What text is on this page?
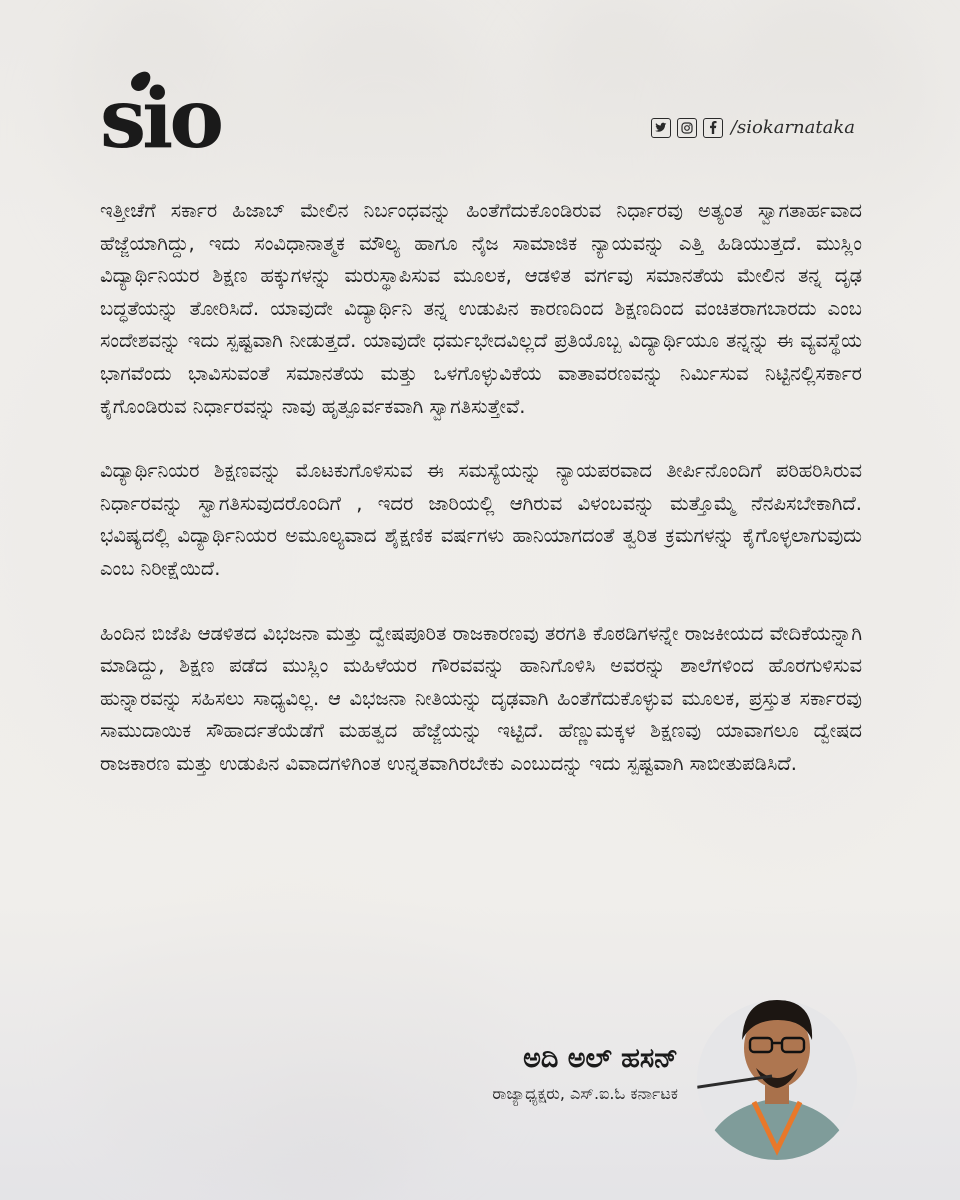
sio	/siokarnataka

ಇತ್ತೀಚೆಗೆ ಸರ್ಕಾರ ಹಿಜಾಬ್ ಮೇಲಿನ ನಿರ್ಬಂಧವನ್ನು ಹಿಂತೆಗೆದುಕೊಂಡಿರುವ ನಿರ್ಧಾರವು ಅತ್ಯಂತ ಸ್ವಾಗತಾರ್ಹವಾದ ಹೆಜ್ಜೆಯಾಗಿದ್ದು, ಇದು ಸಂವಿಧಾನಾತ್ಮಕ ಮೌಲ್ಯ ಹಾಗೂ ನೈಜ ಸಾಮಾಜಿಕ ನ್ಯಾಯವನ್ನು ಎತ್ತಿ ಹಿಡಿಯುತ್ತದೆ. ಮುಸ್ಲಿಂ ವಿದ್ಯಾರ್ಥಿನಿಯರ ಶಿಕ್ಷಣ ಹಕ್ಕುಗಳನ್ನು ಮರುಸ್ಥಾಪಿಸುವ ಮೂಲಕ, ಆಡಳಿತ ವರ್ಗವು ಸಮಾನತೆಯ ಮೇಲಿನ ತನ್ನ ದೃಢ ಬದ್ಧತೆಯನ್ನು ತೋರಿಸಿದೆ. ಯಾವುದೇ ವಿದ್ಯಾರ್ಥಿನಿ ತನ್ನ ಉಡುಪಿನ ಕಾರಣದಿಂದ ಶಿಕ್ಷಣದಿಂದ ವಂಚಿತರಾಗಬಾರದು ಎಂಬ ಸಂದೇಶವನ್ನು ಇದು ಸ್ಪಷ್ಟವಾಗಿ ನೀಡುತ್ತದೆ. ಯಾವುದೇ ಧರ್ಮಭೇದವಿಲ್ಲದೆ ಪ್ರತಿಯೊಬ್ಬ ವಿದ್ಯಾರ್ಥಿಯೂ ತನ್ನನ್ನು ಈ ವ್ಯವಸ್ಥೆಯ ಭಾಗವೆಂದು ಭಾವಿಸುವಂತೆ ಸಮಾನತೆಯ ಮತ್ತು ಒಳಗೊಳ್ಳುವಿಕೆಯ ವಾತಾವರಣವನ್ನು ನಿರ್ಮಿಸುವ ನಿಟ್ಟಿನಲ್ಲಿಸರ್ಕಾರ ಕೈಗೊಂಡಿರುವ ನಿರ್ಧಾರವನ್ನು ನಾವು ಹೃತ್ಪೂರ್ವಕವಾಗಿ ಸ್ವಾಗತಿಸುತ್ತೇವೆ.

ವಿದ್ಯಾರ್ಥಿನಿಯರ ಶಿಕ್ಷಣವನ್ನು ಮೊಟಕುಗೊಳಿಸುವ ಈ ಸಮಸ್ಯೆಯನ್ನು ನ್ಯಾಯಪರವಾದ ತೀರ್ಪಿನೊಂದಿಗೆ ಪರಿಹರಿಸಿರುವ ನಿರ್ಧಾರವನ್ನು ಸ್ವಾಗತಿಸುವುದರೊಂದಿಗೆ , ಇದರ ಜಾರಿಯಲ್ಲಿ ಆಗಿರುವ ವಿಳಂಬವನ್ನು ಮತ್ತೊಮ್ಮೆ ನೆನಪಿಸಬೇಕಾಗಿದೆ. ಭವಿಷ್ಯದಲ್ಲಿ ವಿದ್ಯಾರ್ಥಿನಿಯರ ಅಮೂಲ್ಯವಾದ ಶೈಕ್ಷಣಿಕ ವರ್ಷಗಳು ಹಾನಿಯಾಗದಂತೆ ತ್ವರಿತ ಕ್ರಮಗಳನ್ನು ಕೈಗೊಳ್ಳಲಾಗುವುದು ಎಂಬ ನಿರೀಕ್ಷೆಯಿದೆ.

ಹಿಂದಿನ ಬಿಜೆಪಿ ಆಡಳಿತದ ವಿಭಜನಾ ಮತ್ತು ದ್ವೇಷಪೂರಿತ ರಾಜಕಾರಣವು ತರಗತಿ ಕೊಠಡಿಗಳನ್ನೇ ರಾಜಕೀಯದ ವೇದಿಕೆಯನ್ನಾಗಿ ಮಾಡಿದ್ದು, ಶಿಕ್ಷಣ ಪಡೆದ ಮುಸ್ಲಿಂ ಮಹಿಳೆಯರ ಗೌರವವನ್ನು ಹಾನಿಗೊಳಿಸಿ ಅವರನ್ನು ಶಾಲೆಗಳಿಂದ ಹೊರಗುಳಿಸುವ ಹುನ್ನಾರವನ್ನು ಸಹಿಸಲು ಸಾಧ್ಯವಿಲ್ಲ. ಆ ವಿಭಜನಾ ನೀತಿಯನ್ನು ದೃಢವಾಗಿ ಹಿಂತೆಗೆದುಕೊಳ್ಳುವ ಮೂಲಕ, ಪ್ರಸ್ತುತ ಸರ್ಕಾರವು ಸಾಮುದಾಯಿಕ ಸೌಹಾರ್ದತೆಯೆಡೆಗೆ ಮಹತ್ವದ ಹೆಜ್ಜೆಯನ್ನು ಇಟ್ಟಿದೆ. ಹೆಣ್ಣುಮಕ್ಕಳ ಶಿಕ್ಷಣವು ಯಾವಾಗಲೂ ದ್ವೇಷದ ರಾಜಕಾರಣ ಮತ್ತು ಉಡುಪಿನ ವಿವಾದಗಳಿಗಿಂತ ಉನ್ನತವಾಗಿರಬೇಕು ಎಂಬುದನ್ನು ಇದು ಸ್ಪಷ್ಟವಾಗಿ ಸಾಬೀತುಪಡಿಸಿದೆ.

ಅದಿ ಅಲ್ ಹಸನ್
ರಾಜ್ಯಾಧ್ಯಕ್ಷರು, ಎಸ್.ಐ.ಓ ಕರ್ನಾಟಕ
